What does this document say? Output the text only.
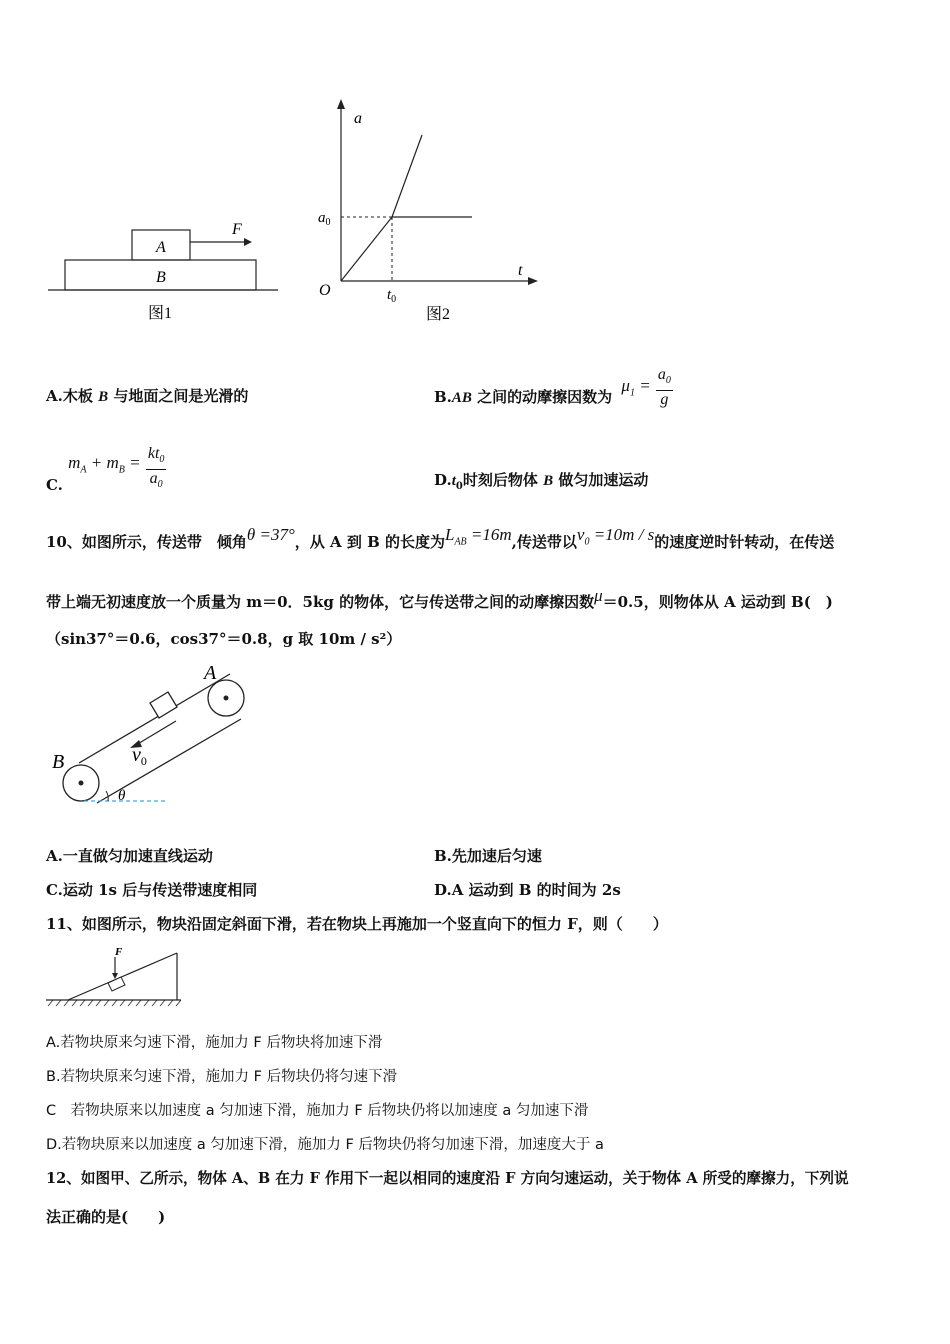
A
B
F
图1
a
t
O
$a_0$
$t_0$
图2
A.木板 B 与地面之间是光滑的	B.AB 之间的动摩擦因数为 $\mu_1 = \frac{a_0}{g}$
C. $m_A + m_B = \frac{kt_0}{a_0}$	$D.t_0$时刻后物体 B 做匀加速运动
10、如图所示，传送带　倾角θ =37°，从 A 到 B 的长度为$L_{AB} =16m$,传送带以$v_0 =10m / s$的速度逆时针转动，在传送
带上端无初速度放一个质量为 m＝0．5kg 的物体，它与传送带之间的动摩擦因数μ＝0.5，则物体从 A 运动到 B(　)
（sin37°＝0.6，cos37°＝0.8，g 取 10m / s²）
A
B	$v_0$
θ
A.一直做匀加速直线运动	B.先加速后匀速
C.运动 1s 后与传送带速度相同	D.A 运动到 B 的时间为 2s
11、如图所示，物块沿固定斜面下滑，若在物块上再施加一个竖直向下的恒力 F，则（　　）
F
A.若物块原来匀速下滑，施加力 F 后物块将加速下滑
B.若物块原来匀速下滑，施加力 F 后物块仍将匀速下滑
C　若物块原来以加速度 a 匀加速下滑，施加力 F 后物块仍将以加速度 a 匀加速下滑
D.若物块原来以加速度 a 匀加速下滑，施加力 F 后物块仍将匀加速下滑，加速度大于 a
12、如图甲、乙所示，物体 A、B 在力 F 作用下一起以相同的速度沿 F 方向匀速运动，关于物体 A 所受的摩擦力，下列说
法正确的是(　　)
